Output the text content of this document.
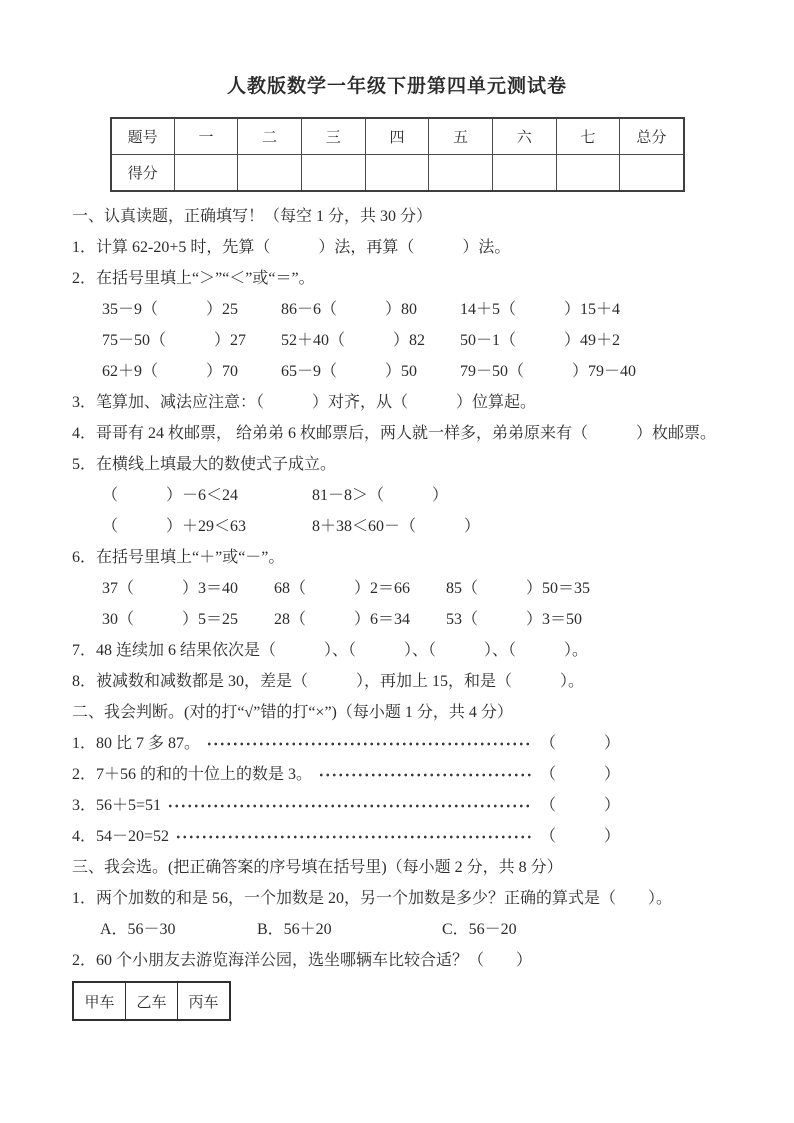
人教版数学一年级下册第四单元测试卷
题号	一	二	三	四	五	六	七	总分
得分								

一、认真读题，正确填写！（每空 1 分，共 30 分）

1．计算 62-20+5 时，先算（　　　）法，再算（　　　）法。

2．在括号里填上“＞”“＜”或“＝”。

35－9（　　　）25	86－6（　　　）80	14＋5（　　　）15＋4

75－50（　　　）27 52＋40（　　　）82 50－1（　　　）49＋2

62＋9（　　　）70	65－9（　　　）50	79－50（　　　）79－40

3．笔算加、减法应注意：（　　　）对齐，从（　　　）位算起。

4．哥哥有 24 枚邮票， 给弟弟 6 枚邮票后，两人就一样多，弟弟原来有（　　　）枚邮票。

5．在横线上填最大的数使式子成立。

（　　　）－6＜24	81－8＞（　　　）

（　　　）＋29＜63	8＋38＜60－（　　　）

6．在括号里填上“＋”或“－”。

37（　　　）3＝40 68（　　　）2＝66 85（　　　）50＝35

30（　　　）5＝25 28（　　　）6＝34 53（　　　）3＝50

7．48 连续加 6 结果依次是（　　　）、（　　　）、（　　　）、（　　　）。

8．被减数和减数都是 30，差是（　　　），再加上 15，和是（　　　）。

二、我会判断。(对的打“√”错的打“×”)（每小题 1 分，共 4 分）

1．80 比 7 多 87。	（　　　）
2．7＋56 的和的十位上的数是 3。	（　　　）
3．56＋5=51	（　　　）
4．54－20=52	（　　　）

三、我会选。(把正确答案的序号填在括号里)（每小题 2 分，共 8 分）

1．两个加数的和是 56，一个加数是 20，另一个加数是多少？正确的算式是（　　）。

A．56－30	B．56＋20	C．56－20

2．60 个小朋友去游览海洋公园，选坐哪辆车比较合适？（　　）

甲车	乙车	丙车
